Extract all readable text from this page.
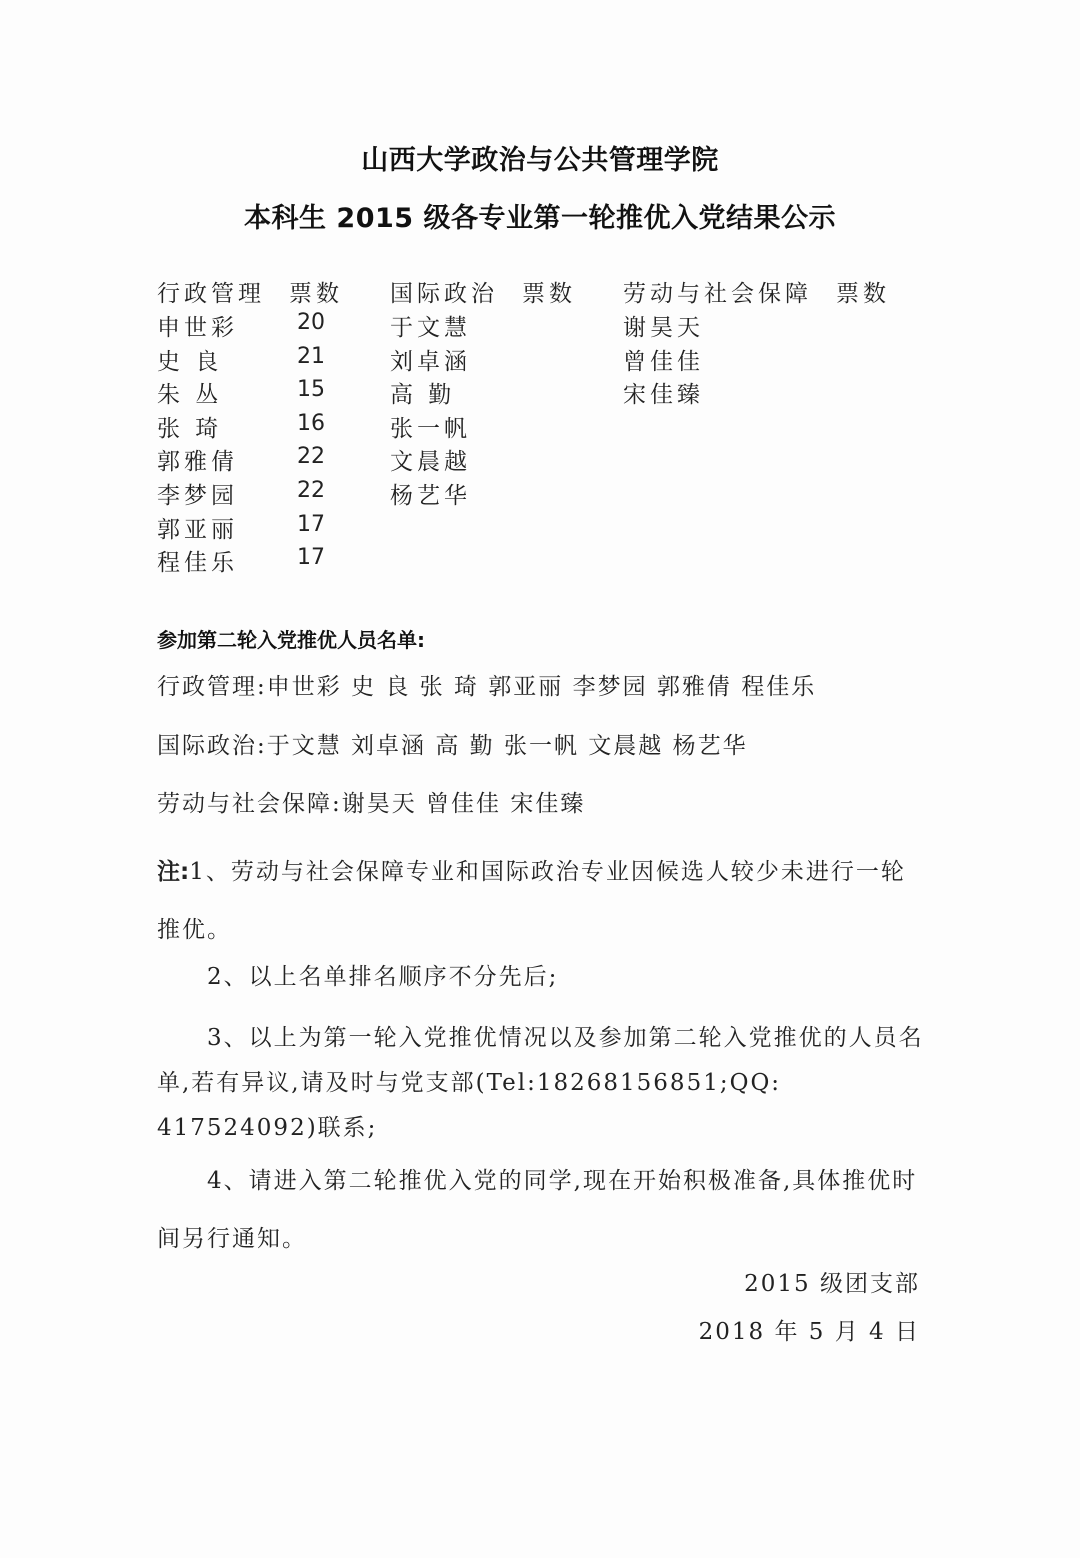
山西大学政治与公共管理学院
本科生 2015 级各专业第一轮推优入党结果公示
行政管理 票数
申世彩	20
史 良	21
朱 丛	15
张 琦	16
郭雅倩	22
李梦园	22
郭亚丽	17
程佳乐	17
国际政治 票数
于文慧
刘卓涵
高 勤
张一帆
文晨越
杨艺华
劳动与社会保障 票数
谢昊天
曾佳佳
宋佳臻
参加第二轮入党推优人员名单:
行政管理:申世彩 史 良 张 琦 郭亚丽 李梦园 郭雅倩 程佳乐
国际政治:于文慧 刘卓涵 高 勤 张一帆 文晨越 杨艺华
劳动与社会保障:谢昊天 曾佳佳 宋佳臻
注:1、劳动与社会保障专业和国际政治专业因候选人较少未进行一轮推优。
2、以上名单排名顺序不分先后;
3、以上为第一轮入党推优情况以及参加第二轮入党推优的人员名单,若有异议,请及时与党支部(Tel:18268156851;QQ: 417524092)联系;
4、请进入第二轮推优入党的同学,现在开始积极准备,具体推优时间另行通知。
2015 级团支部
2018 年 5 月 4 日
